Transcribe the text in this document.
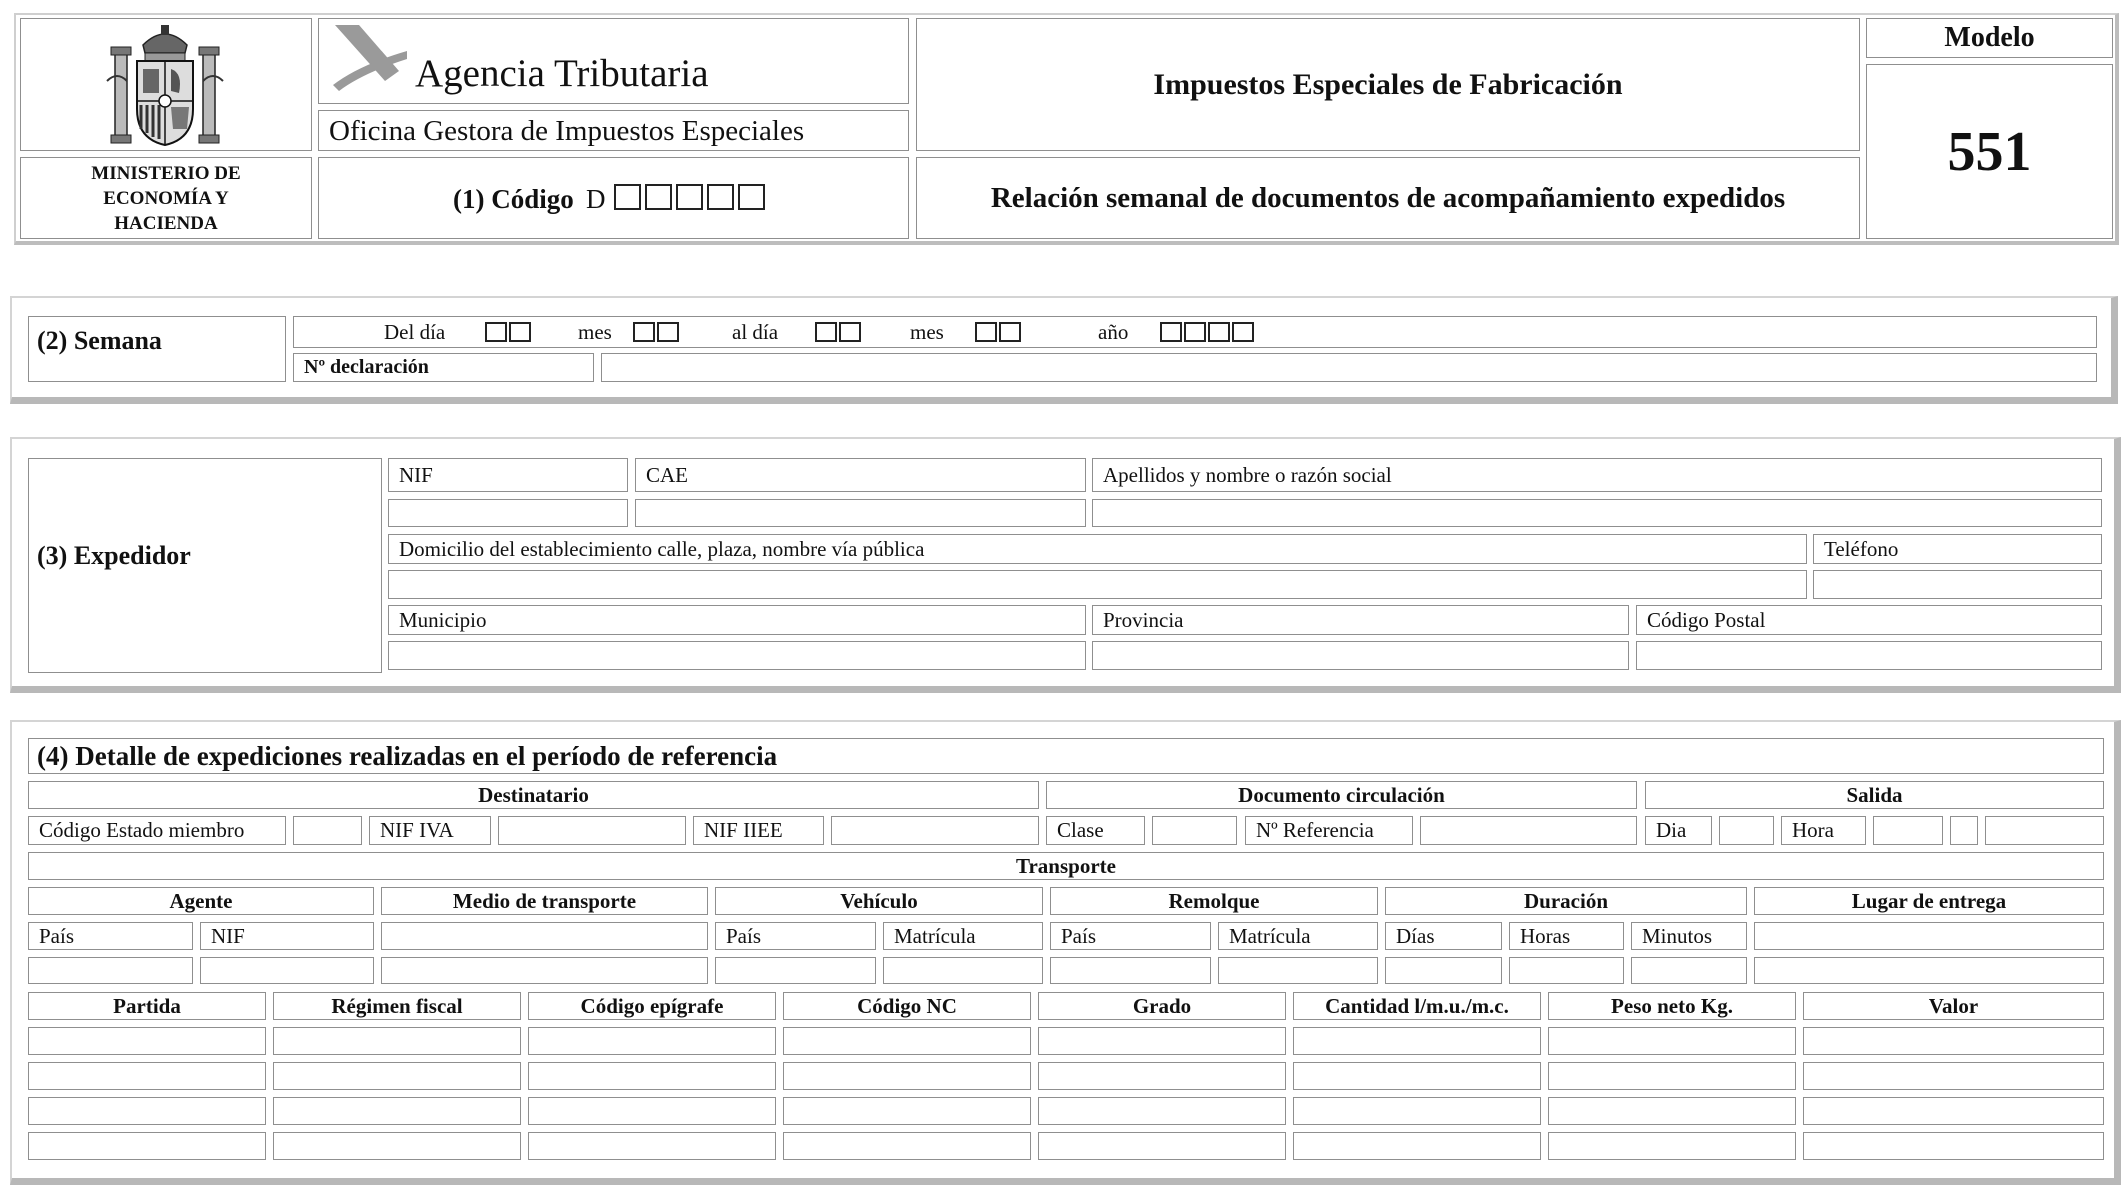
MINISTERIO DE
ECONOMÍA Y
HACIENDA
Agencia Tributaria
Oficina Gestora de Impuestos Especiales
(1) Código D
Impuestos Especiales de Fabricación
Relación semanal de documentos de acompañamiento expedidos
Modelo
551
(2) Semana	Del día	mes	al día	mes	año
Nº declaración
(3) Expedidor
NIF	CAE	Apellidos y nombre o razón social
Domicilio del establecimiento calle, plaza, nombre vía pública	Teléfono
Municipio	Provincia	Código Postal
(4) Detalle de expediciones realizadas en el período de referencia
Destinatario	Documento circulación	Salida
Código Estado miembro	NIF IVA	NIF IIEE	Clase	Nº Referencia	Dia	Hora
Transporte
Agente	Medio de transporte	Vehículo	Remolque	Duración	Lugar de entrega
País	NIF	País	Matrícula	País	Matrícula	Días	Horas	Minutos
Partida	Régimen fiscal	Código epígrafe	Código NC	Grado	Cantidad l/m.u./m.c.	Peso neto Kg.	Valor
